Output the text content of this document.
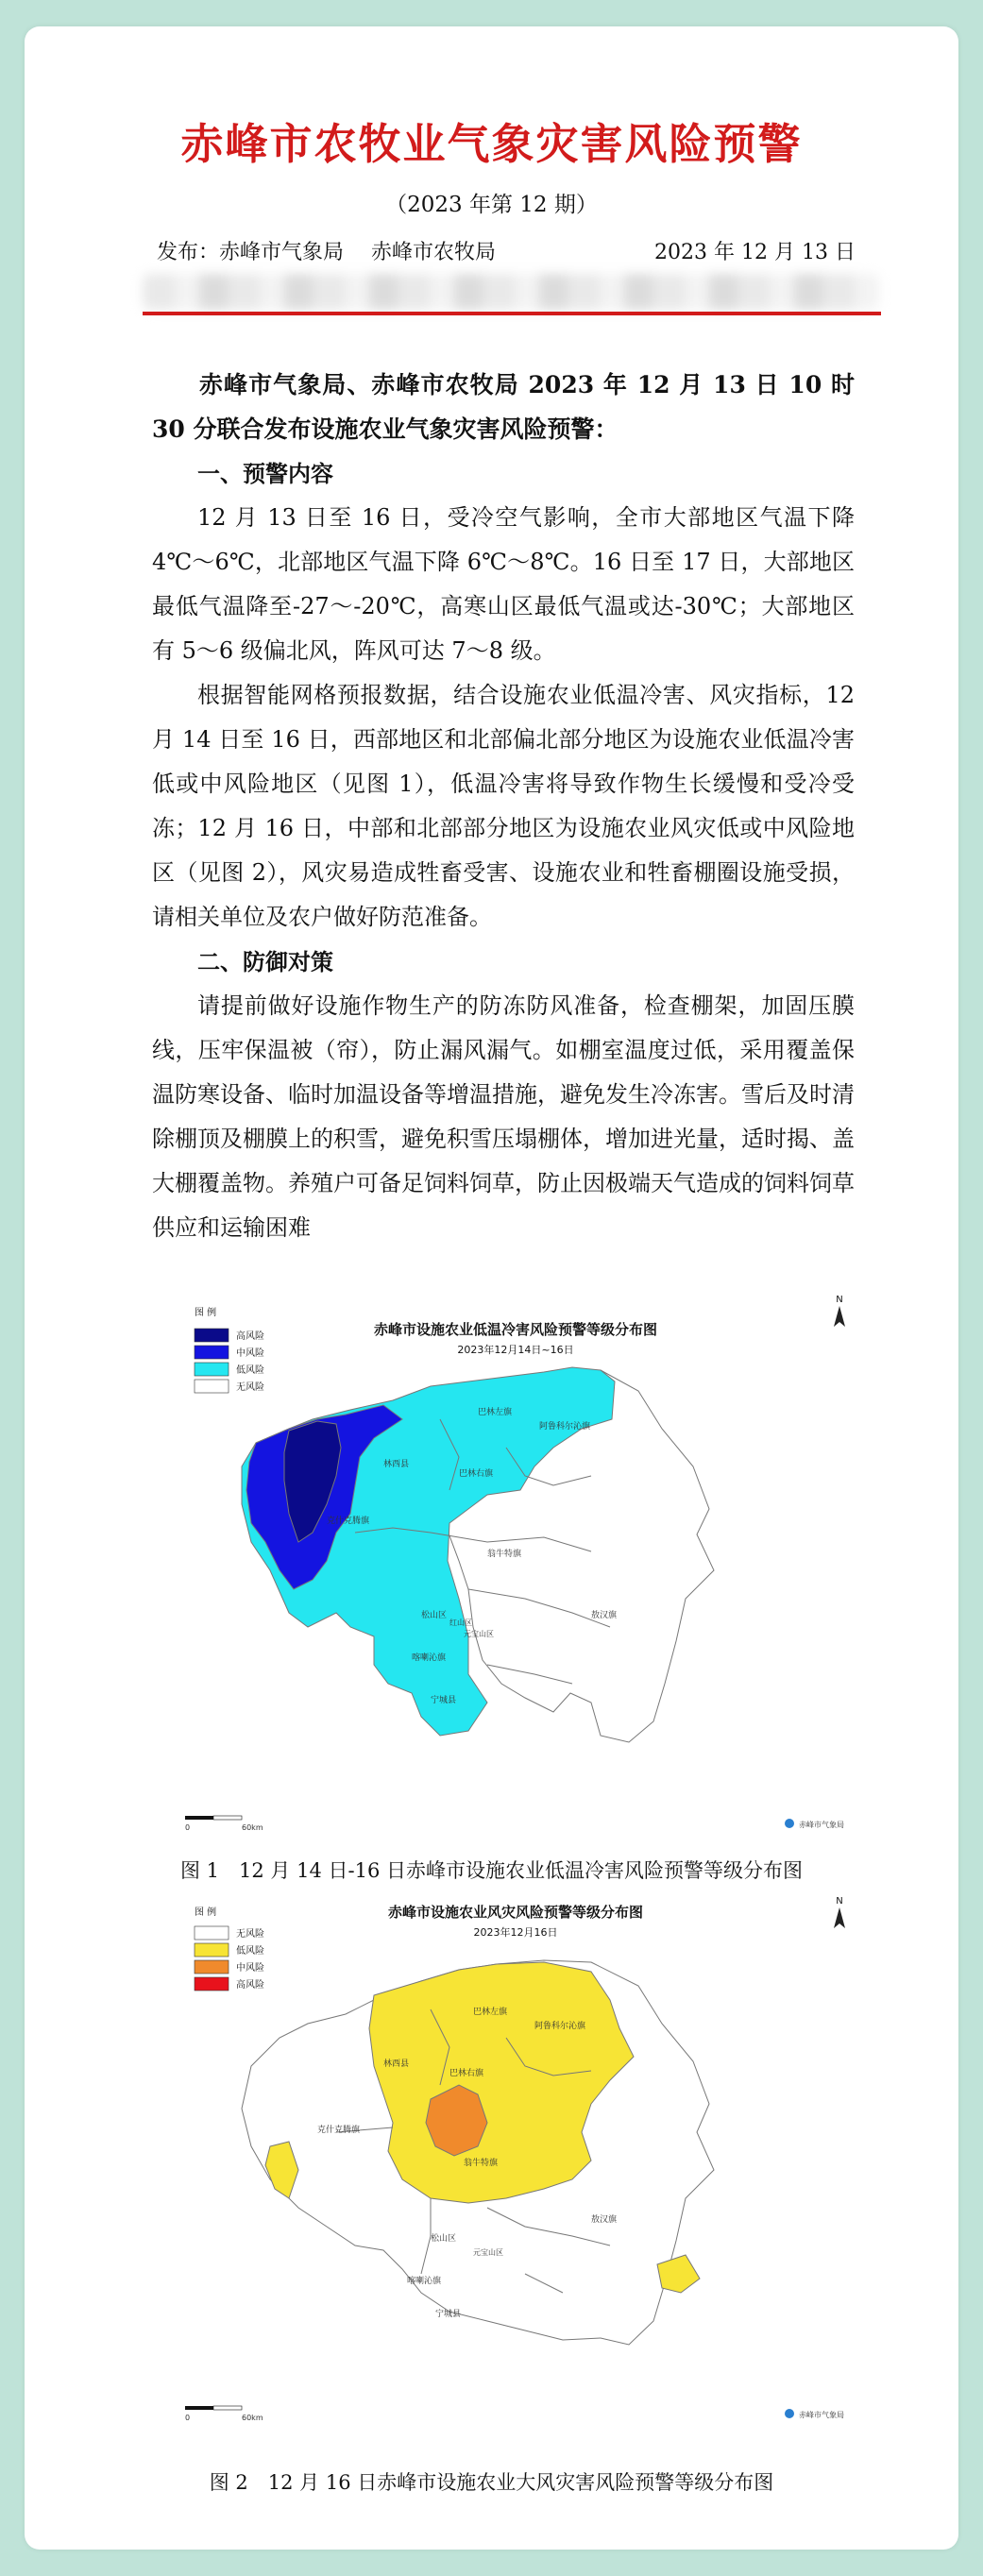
赤峰市农牧业气象灾害风险预警
（2023 年第 12 期）
发布：赤峰市气象局　 赤峰市农牧局	2023 年 12 月 13 日

赤峰市气象局、赤峰市农牧局 2023 年 12 月 13 日 10 时 30 分联合发布设施农业气象灾害风险预警：

一、预警内容

12 月 13 日至 16 日，受冷空气影响，全市大部地区气温下降 4℃～6℃，北部地区气温下降 6℃～8℃。16 日至 17 日，大部地区最低气温降至-27～-20℃，高寒山区最低气温或达-30℃；大部地区有 5～6 级偏北风，阵风可达 7～8 级。

根据智能网格预报数据，结合设施农业低温冷害、风灾指标，12 月 14 日至 16 日，西部地区和北部偏北部分地区为设施农业低温冷害低或中风险地区（见图 1），低温冷害将导致作物生长缓慢和受冷受冻；12 月 16 日，中部和北部部分地区为设施农业风灾低或中风险地区（见图 2），风灾易造成牲畜受害、设施农业和牲畜棚圈设施受损，请相关单位及农户做好防范准备。

二、防御对策

请提前做好设施作物生产的防冻防风准备，检查棚架，加固压膜线，压牢保温被（帘），防止漏风漏气。如棚室温度过低，采用覆盖保温防寒设备、临时加温设备等增温措施，避免发生冷冻害。雪后及时清除棚顶及棚膜上的积雪，避免积雪压塌棚体，增加进光量，适时揭、盖大棚覆盖物。养殖户可备足饲料饲草，防止因极端天气造成的饲料饲草供应和运输困难

图 例
高风险
中风险
低风险
无风险
赤峰市设施农业低温冷害风险预警等级分布图
2023年12月14日~16日
N
巴林左旗
阿鲁科尔沁旗
林西县
巴林右旗
克什克腾旗
翁牛特旗
松山区
元宝山区
红山区
敖汉旗
喀喇沁旗
宁城县
0	60km	赤峰市气象局
图 1　12 月 14 日-16 日赤峰市设施农业低温冷害风险预警等级分布图
图 例
无风险
低风险
中风险
高风险
赤峰市设施农业风灾风险预警等级分布图
2023年12月16日
N
巴林左旗
阿鲁科尔沁旗
林西县
巴林右旗
克什克腾旗
翁牛特旗
松山区
元宝山区
敖汉旗
喀喇沁旗
宁城县
0	60km	赤峰市气象局
图 2　12 月 16 日赤峰市设施农业大风灾害风险预警等级分布图
